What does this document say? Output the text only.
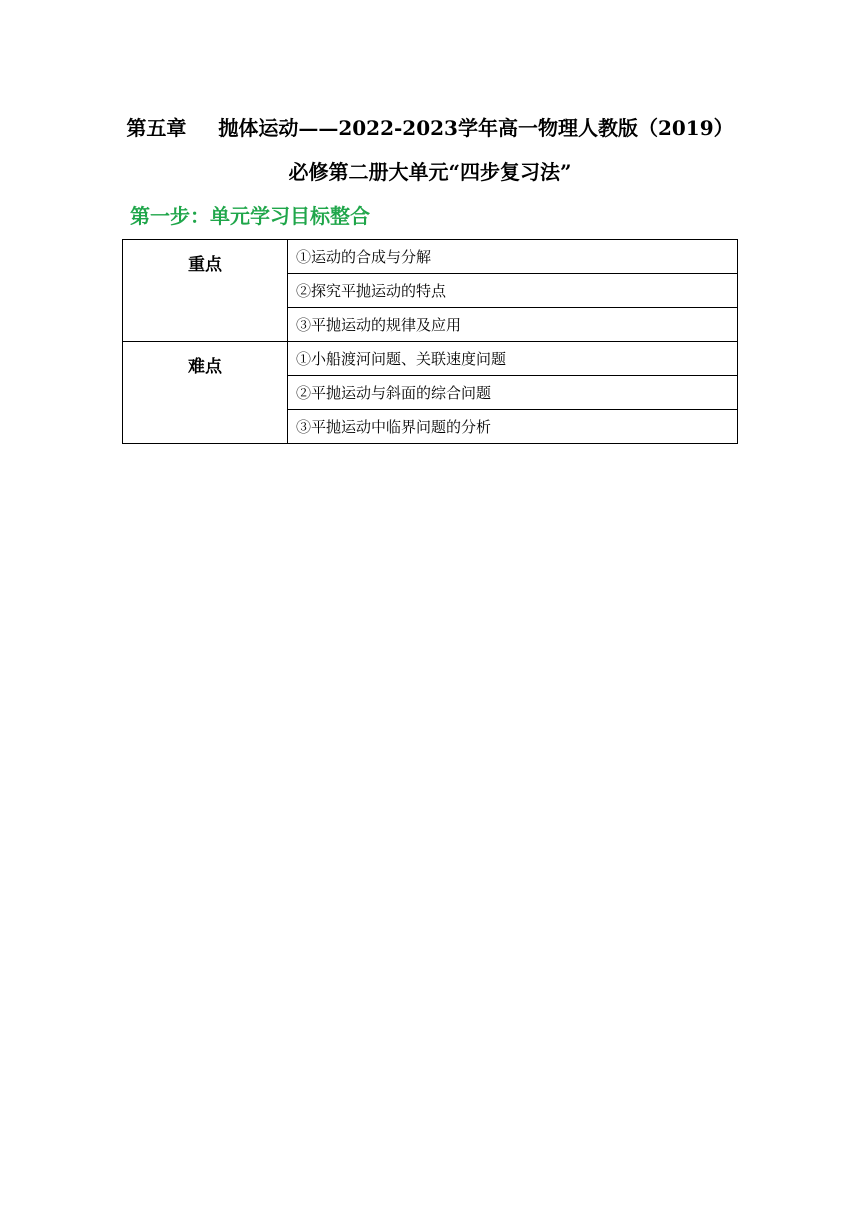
第五章 抛体运动——2022-2023学年高一物理人教版（2019）
必修第二册大单元“四步复习法”
第一步：单元学习目标整合
重点	①运动的合成与分解
	②探究平抛运动的特点
	③平抛运动的规律及应用
难点	①小船渡河问题、关联速度问题
	②平抛运动与斜面的综合问题
	③平抛运动中临界问题的分析
